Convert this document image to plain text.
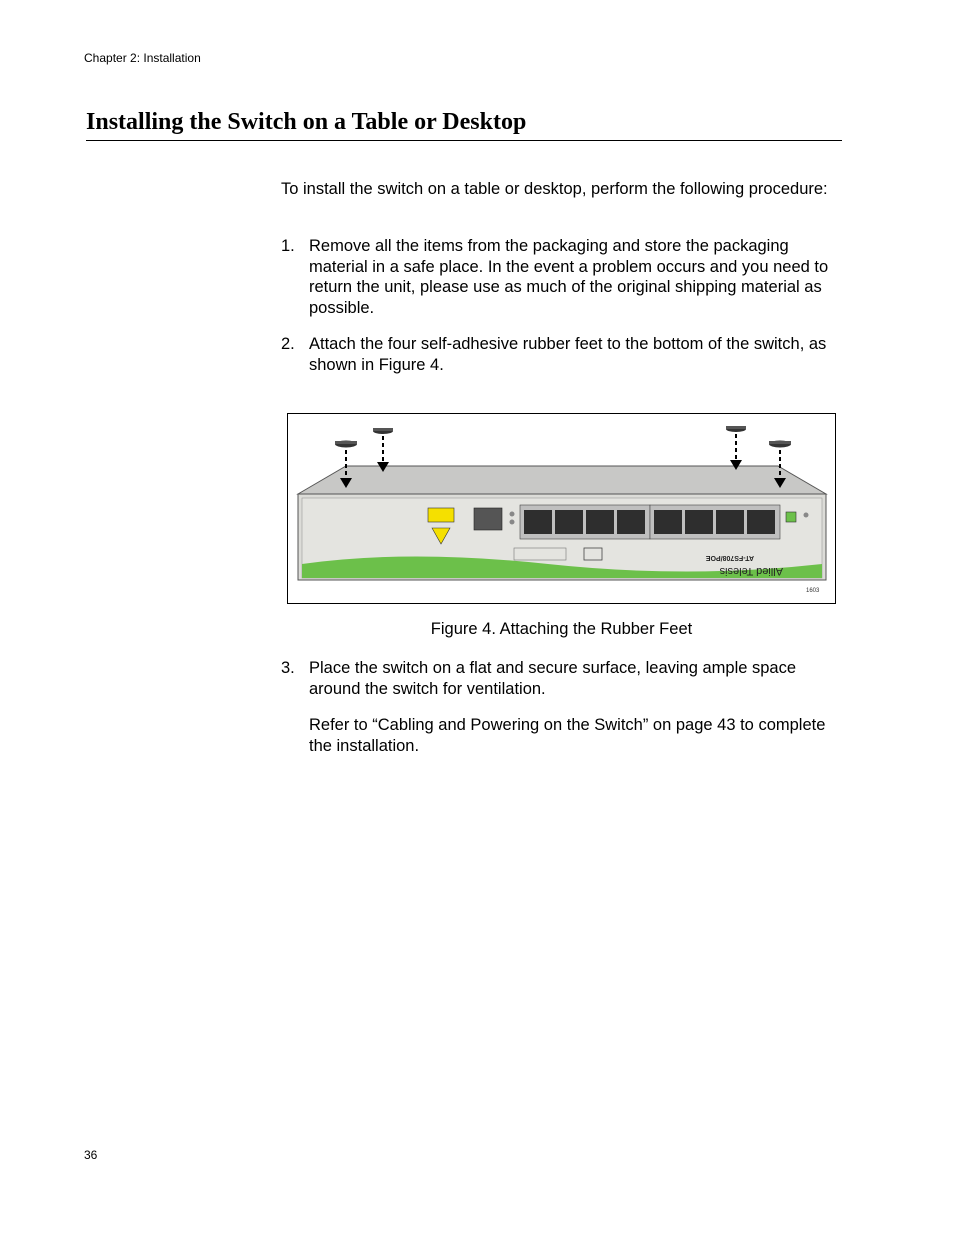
Chapter 2: Installation
Installing the Switch on a Table or Desktop

To install the switch on a table or desktop, perform the following procedure:

1. Remove all the items from the packaging and store the packaging material in a safe place. In the event a problem occurs and you need to return the unit, please use as much of the original shipping material as possible.
2. Attach the four self-adhesive rubber feet to the bottom of the switch, as shown in Figure 4.
Allied Telesis
AT-FS708/POE
1603
Figure 4. Attaching the Rubber Feet
3. Place the switch on a flat and secure surface, leaving ample space around the switch for ventilation.
Refer to “Cabling and Powering on the Switch” on page 43 to complete the installation.
36
